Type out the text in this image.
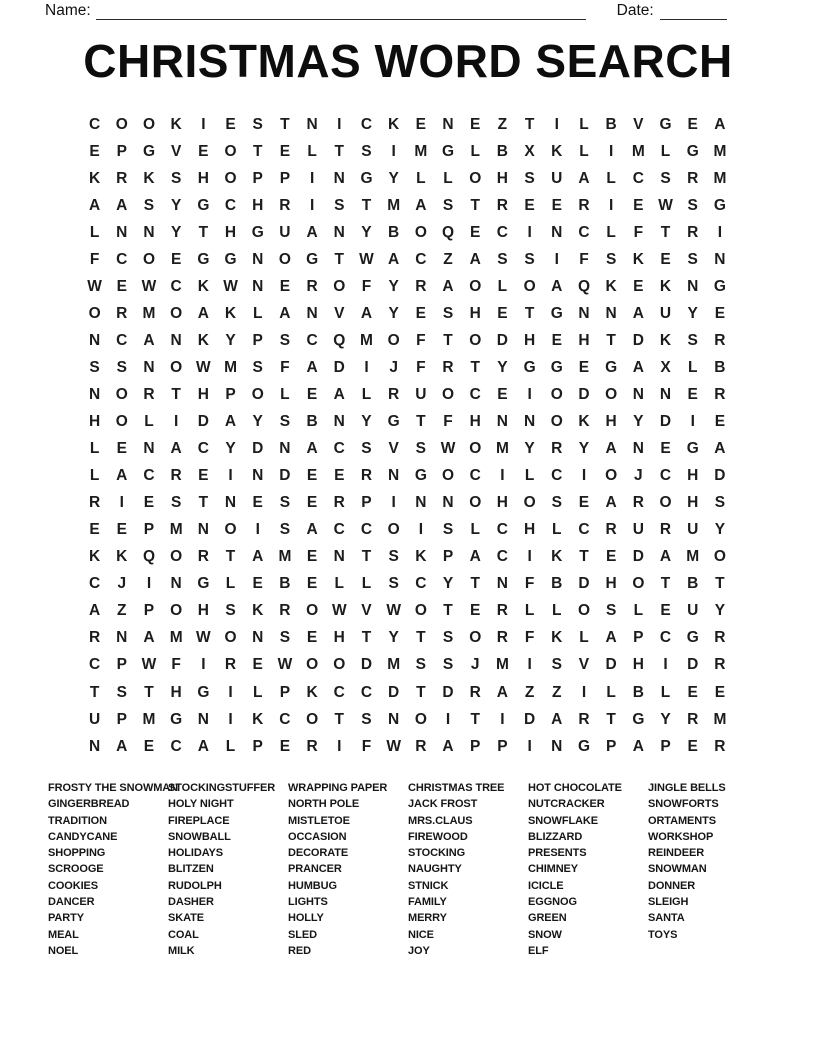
Name:	Date:
CHRISTMAS WORD SEARCH
C	O O	K	I	E	S	T	N	I	C	K	E	N	E	Z	T	I	L	B	V	G	E	A
E	P	G	V	E	O	T	E	L	T	S	I	M G	L	B	X	K	L	I	M	L	G M
K	R	K	S	H	O	P	P	I	N	G	Y	L	L	O	H	S	U	A	L	C	S	R M
A	A	S	Y	G	C	H	R	I	S	T	M A	S	T	R	E	E	R	I	E W S	G
L	N	N	Y	T	H	G	U	A	N	Y	B	O Q	E	C	I	N	C	L	F	T	R	I
F	C	O	E	G G	N	O G	T W A	C	Z	A	S	S	I	F	S	K	E	S	N
W E W C	K W N	E	R	O	F	Y	R	A	O	L	O	A	Q	K	E	K	N	G
O	R M O	A	K	L	A	N	V	A	Y	E	S	H	E	T	G	N	N	A	U	Y	E
N	C	A	N	K	Y	P	S	C	Q M O	F	T	O	D	H	E	H	T	D	K	S	R
S	S	N	O W M	S	F	A	D	I	J	F	R	T	Y	G G	E	G	A	X	L	B
N	O	R	T	H	P	O	L	E	A	L	R	U	O	C	E	I	O	D	O	N	N	E	R
H	O	L	I	D	A	Y	S	B	N	Y	G	T	F	H	N	N	O	K	H	Y	D	I	E
L	E	N	A	C	Y	D	N	A	C	S	V	S W O M	Y	R	Y	A	N	E	G	A
L	A	C	R	E	I	N	D	E	E	R	N	G O	C	I	L	C	I	O	J	C	H	D
R	I	E	S	T	N	E	S	E	R	P	I	N	N	O	H	O	S	E	A	R	O	H	S
E	E	P	M N	O	I	S	A	C	C	O	I	S	L	C	H	L	C	R	U	R	U	Y
K	K	Q O	R	T	A M	E	N	T	S	K	P	A	C	I	K	T	E	D	A M O
C	J	I	N	G	L	E	B	E	L	L	S	C	Y	T	N	F	B	D	H	O	T	B	T
A	Z	P	O	H	S	K	R	O W V W O	T	E	R	L	L	O	S	L	E	U	Y
R	N	A M W O	N	S	E	H	T	Y	T	S	O	R	F	K	L	A	P	C	G	R
C	P W F	I	R	E W O O	D M	S	S	J	M	I	S	V	D	H	I	D	R
T	S	T	H	G	I	L	P	K	C	C	D	T	D	R	A	Z	Z	I	L	B	L	E	E
U	P	M G	N	I	K	C	O	T	S	N	O	I	T	I	D	A	R	T	G	Y	R M
N	A	E	C	A	L	P	E	R	I	F W R	A	P	P	I	N	G	P	A	P	E	R
FROSTY THE SNOWMAN
GINGERBREAD
TRADITION
CANDYCANE
SHOPPING
SCROOGE
COOKIES
DANCER
PARTY
MEAL
NOEL
STOCKINGSTUFFER
HOLY NIGHT
FIREPLACE
SNOWBALL
HOLIDAYS
BLITZEN
RUDOLPH
DASHER
SKATE
COAL
MILK
WRAPPING PAPER
NORTH POLE
MISTLETOE
OCCASION
DECORATE
PRANCER
HUMBUG
LIGHTS
HOLLY
SLED
RED
CHRISTMAS TREE
JACK FROST
MRS.CLAUS
FIREWOOD
STOCKING
NAUGHTY
STNICK
FAMILY
MERRY
NICE
JOY
HOT CHOCOLATE
NUTCRACKER
SNOWFLAKE
BLIZZARD
PRESENTS
CHIMNEY
ICICLE
EGGNOG
GREEN
SNOW
ELF
JINGLE BELLS
SNOWFORTS
ORTAMENTS
WORKSHOP
REINDEER
SNOWMAN
DONNER
SLEIGH
SANTA
TOYS
